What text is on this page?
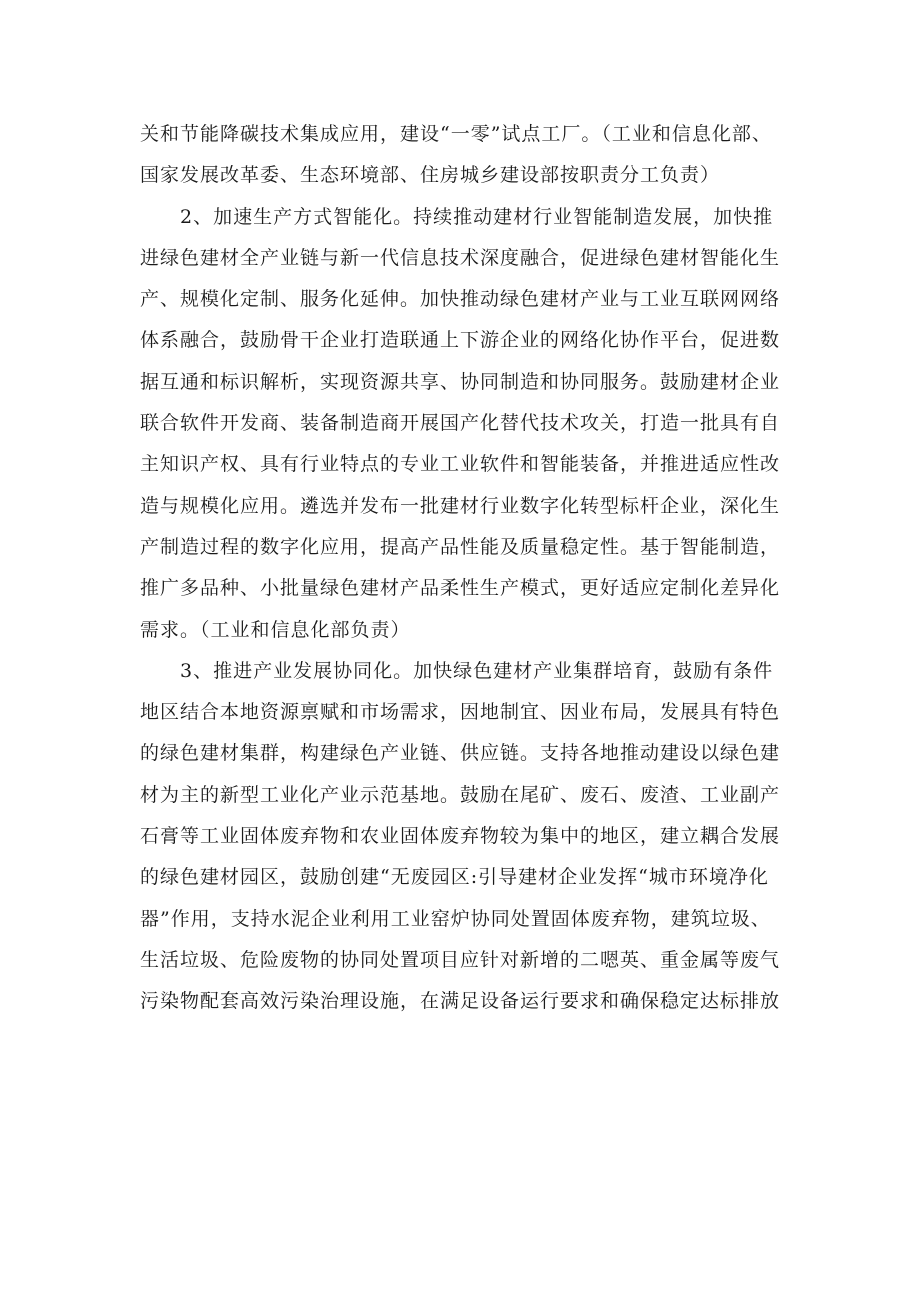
关和节能降碳技术集成应用，建设“一零”试点工厂。（工业和信息化部、
国家发展改革委、生态环境部、住房城乡建设部按职责分工负责）
2、加速生产方式智能化。持续推动建材行业智能制造发展，加快推
进绿色建材全产业链与新一代信息技术深度融合，促进绿色建材智能化生
产、规模化定制、服务化延伸。加快推动绿色建材产业与工业互联网网络
体系融合，鼓励骨干企业打造联通上下游企业的网络化协作平台，促进数
据互通和标识解析，实现资源共享、协同制造和协同服务。鼓励建材企业
联合软件开发商、装备制造商开展国产化替代技术攻关，打造一批具有自
主知识产权、具有行业特点的专业工业软件和智能装备，并推进适应性改
造与规模化应用。遴选并发布一批建材行业数字化转型标杆企业，深化生
产制造过程的数字化应用，提高产品性能及质量稳定性。基于智能制造，
推广多品种、小批量绿色建材产品柔性生产模式，更好适应定制化差异化
需求。（工业和信息化部负责）
3、推进产业发展协同化。加快绿色建材产业集群培育，鼓励有条件
地区结合本地资源禀赋和市场需求，因地制宜、因业布局，发展具有特色
的绿色建材集群，构建绿色产业链、供应链。支持各地推动建设以绿色建
材为主的新型工业化产业示范基地。鼓励在尾矿、废石、废渣、工业副产
石膏等工业固体废弃物和农业固体废弃物较为集中的地区，建立耦合发展
的绿色建材园区，鼓励创建“无废园区:引导建材企业发挥“城市环境净化
器”作用，支持水泥企业利用工业窑炉协同处置固体废弃物，建筑垃圾、
生活垃圾、危险废物的协同处置项目应针对新增的二嗯英、重金属等废气
污染物配套高效污染治理设施，在满足设备运行要求和确保稳定达标排放
